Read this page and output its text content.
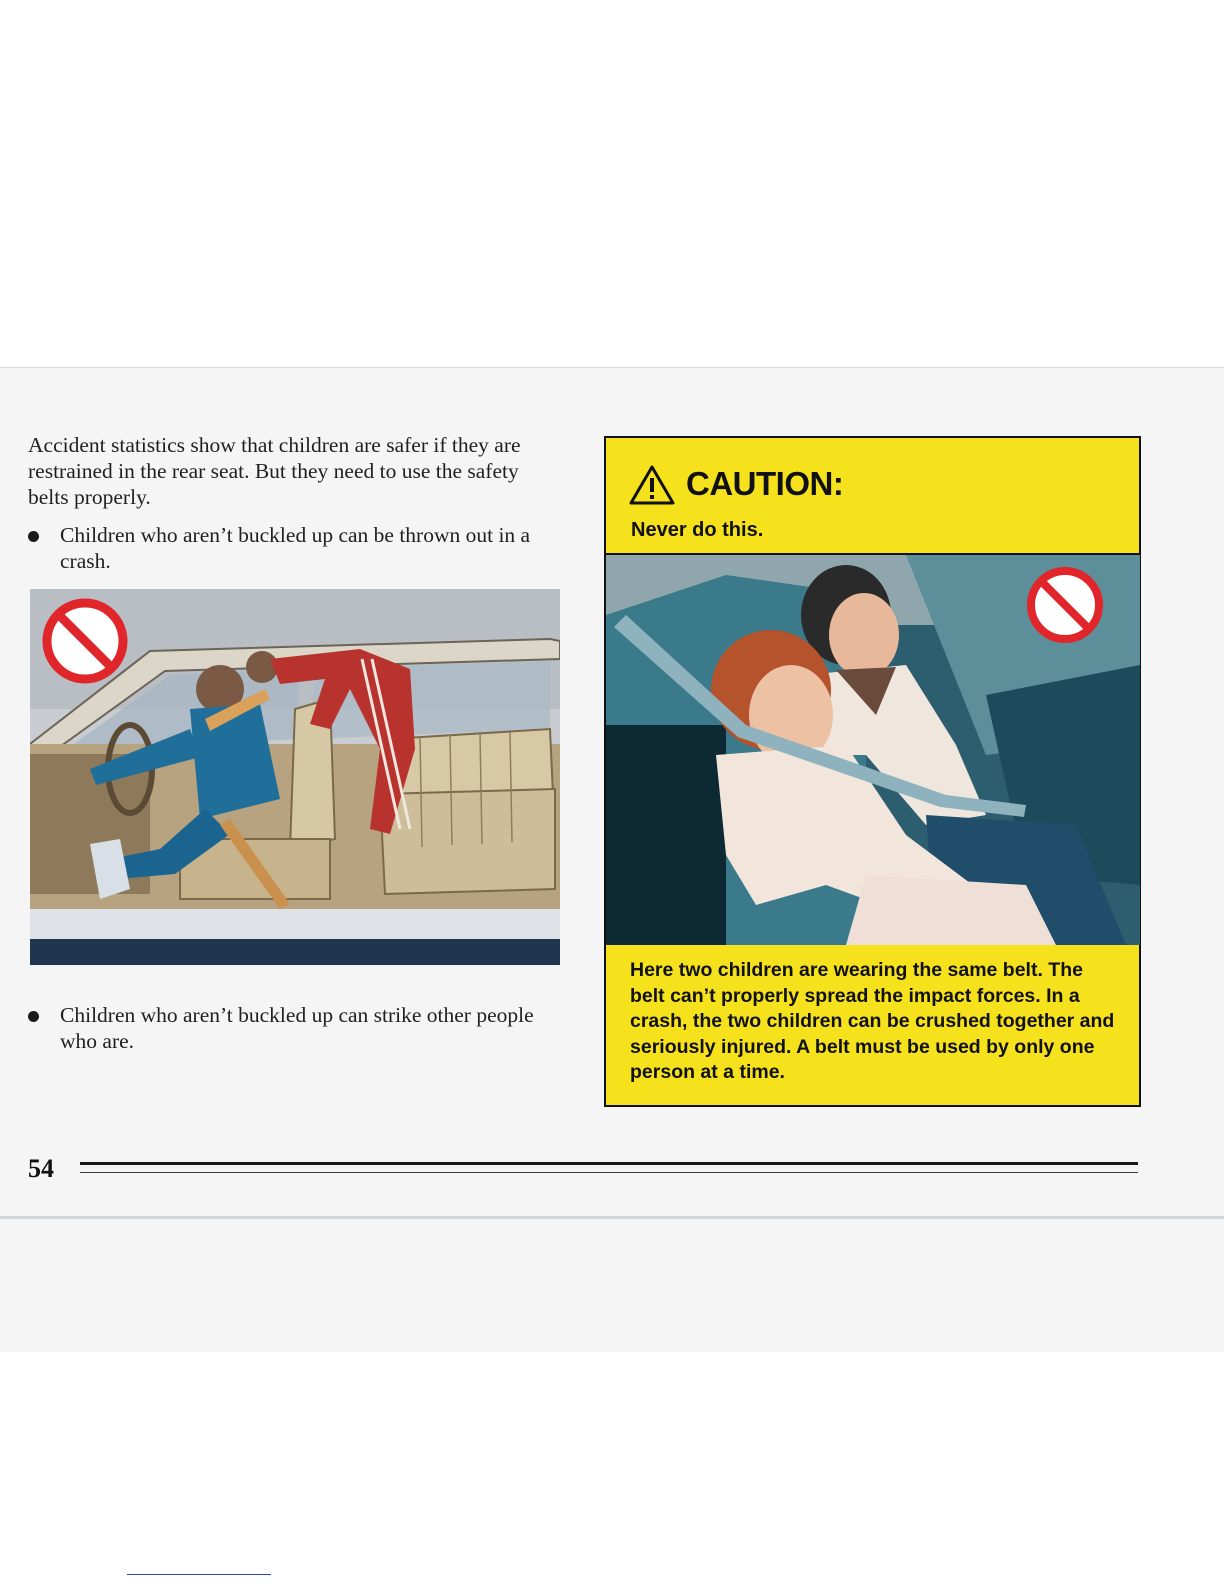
Accident statistics show that children are safer if they are restrained in the rear seat. But they need to use the safety belts properly.

Children who aren’t buckled up can be thrown out in a crash.
Children who aren’t buckled up can strike other people who are.
CAUTION:
Never do this.
Here two children are wearing the same belt. The belt can’t properly spread the impact forces. In a crash, the two children can be crushed together and seriously injured. A belt must be used by only one person at a time.
54
